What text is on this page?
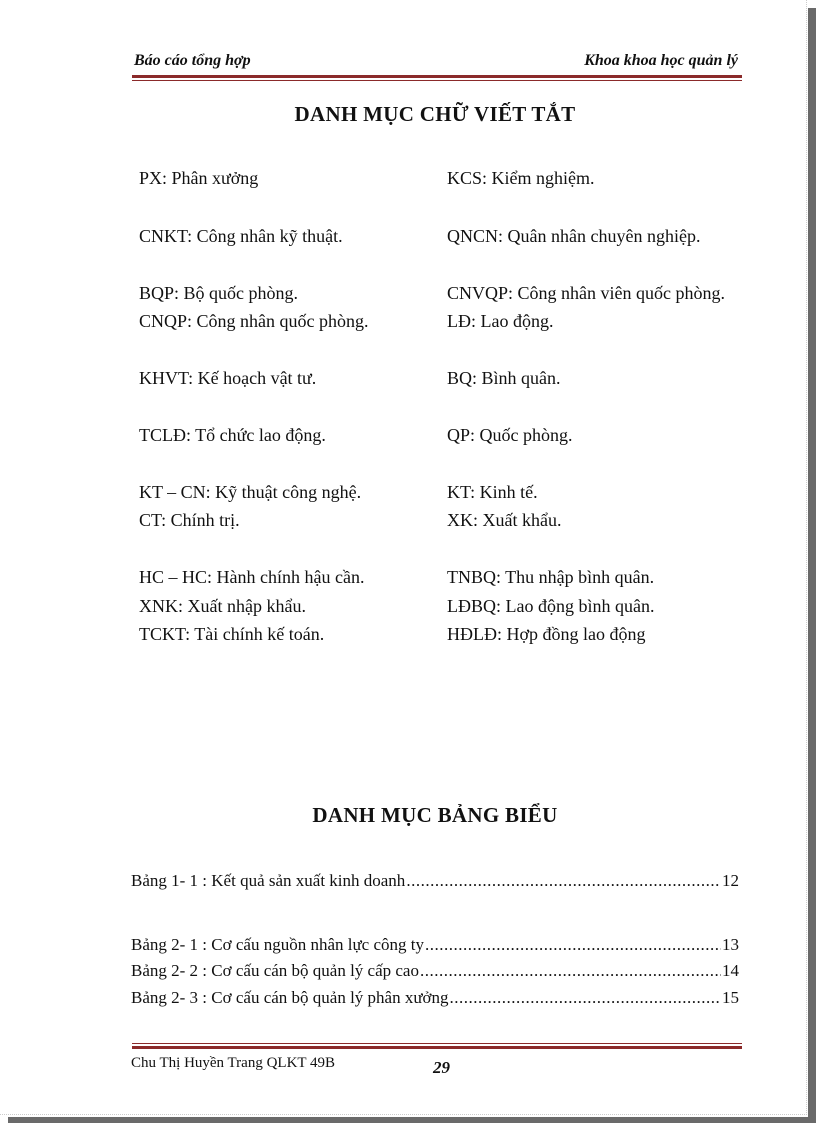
Báo cáo tổng hợp	Khoa khoa học quản lý
DANH MỤC CHỮ VIẾT TẮT
PX: Phân xưởng	KCS: Kiểm nghiệm.
CNKT: Công nhân kỹ thuật.	QNCN: Quân nhân chuyên nghiệp.
BQP: Bộ quốc phòng.	CNVQP: Công nhân viên quốc phòng.
CNQP: Công nhân quốc phòng.	LĐ: Lao động.
KHVT: Kế hoạch vật tư.	BQ: Bình quân.
TCLĐ: Tổ chức lao động.	QP: Quốc phòng.
KT – CN: Kỹ thuật công nghệ.	KT: Kinh tế.
CT: Chính trị.	XK: Xuất khẩu.
HC – HC: Hành chính hậu cần.	TNBQ: Thu nhập bình quân.
XNK: Xuất nhập khẩu.	LĐBQ: Lao động bình quân.
TCKT: Tài chính kế toán.	HĐLĐ: Hợp đồng lao động
DANH MỤC BẢNG BIỂU
Bảng 1- 1 : Kết quả sản xuất kinh doanh .....	12
Bảng 2- 1 : Cơ cấu nguồn nhân lực công ty .....	13
Bảng 2- 2 : Cơ cấu cán bộ quản lý cấp cao .....	14
Bảng 2- 3 : Cơ cấu cán bộ quản lý phân xưởng .....	15
Chu Thị Huyền Trang QLKT 49B	29
